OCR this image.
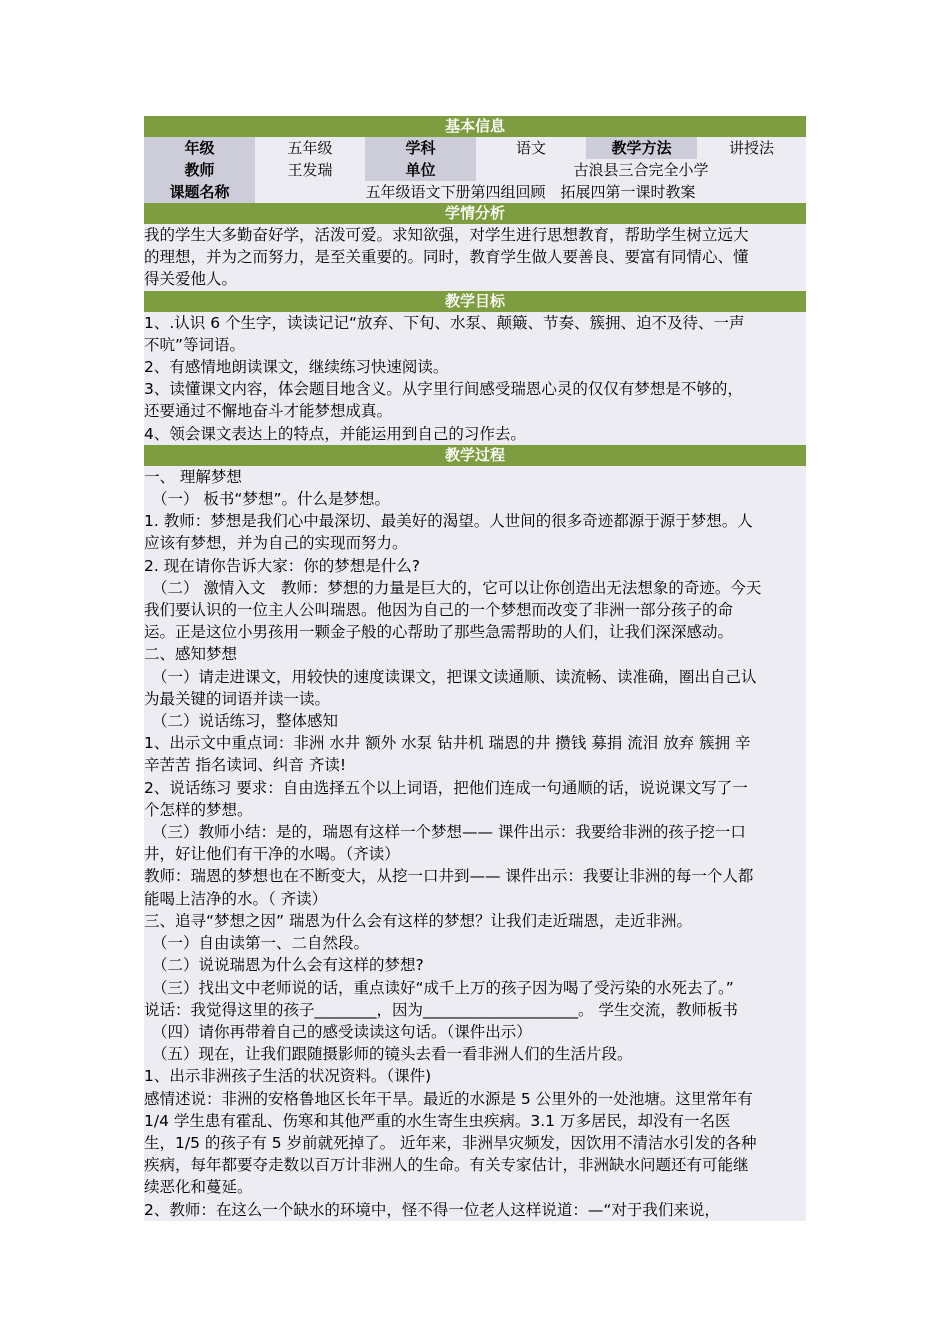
基本信息
年级	五年级	学科	语文	教学方法	讲授法
教师	王发瑞	单位	古浪县三合完全小学
课题名称	五年级语文下册第四组回顾　拓展四第一课时教案
学情分析

我的学生大多勤奋好学，活泼可爱。求知欲强，对学生进行思想教育，帮助学生树立远大

的理想，并为之而努力，是至关重要的。同时，教育学生做人要善良、要富有同情心、懂

得关爱他人。

教学目标

1、.认识 6 个生字，读读记记“放弃、下旬、水泵、颠簸、节奏、簇拥、迫不及待、一声

不吭”等词语。

2、有感情地朗读课文，继续练习快速阅读。

3、读懂课文内容，体会题目地含义。从字里行间感受瑞恩心灵的仅仅有梦想是不够的，

还要通过不懈地奋斗才能梦想成真。

4、领会课文表达上的特点，并能运用到自己的习作去。

教学过程

一、 理解梦想

（一） 板书“梦想”。什么是梦想。

1. 教师：梦想是我们心中最深切、最美好的渴望。人世间的很多奇迹都源于源于梦想。人

应该有梦想，并为自己的实现而努力。

2. 现在请你告诉大家：你的梦想是什么?

（二） 激情入文　教师：梦想的力量是巨大的，它可以让你创造出无法想象的奇迹。今天

我们要认识的一位主人公叫瑞恩。他因为自己的一个梦想而改变了非洲一部分孩子的命

运。正是这位小男孩用一颗金子般的心帮助了那些急需帮助的人们，让我们深深感动。

二、感知梦想

（一）请走进课文，用较快的速度读课文，把课文读通顺、读流畅、读准确，圈出自己认

为最关键的词语并读一读。

（二）说话练习，整体感知

1、出示文中重点词：非洲 水井 额外 水泵 钻井机 瑞恩的井 攒钱 募捐 流泪 放弃 簇拥 辛

辛苦苦 指名读词、纠音 齐读!

2、说话练习 要求：自由选择五个以上词语，把他们连成一句通顺的话，说说课文写了一

个怎样的梦想。

（三）教师小结：是的，瑞恩有这样一个梦想—— 课件出示：我要给非洲的孩子挖一口

井，好让他们有干净的水喝。（齐读）

教师：瑞恩的梦想也在不断变大，从挖一口井到—— 课件出示：我要让非洲的每一个人都

能喝上洁净的水。（ 齐读）

三、追寻“梦想之因” 瑞恩为什么会有这样的梦想？让我们走近瑞恩，走近非洲。

（一）自由读第一、二自然段。

（二）说说瑞恩为什么会有这样的梦想?

（三）找出文中老师说的话，重点读好“成千上万的孩子因为喝了受污染的水死去了。”

说话：我觉得这里的孩子________，因为____________________。 学生交流，教师板书

（四）请你再带着自己的感受读读这句话。（课件出示）

（五）现在，让我们跟随摄影师的镜头去看一看非洲人们的生活片段。

1、出示非洲孩子生活的状况资料。（课件)

感情述说：非洲的安格鲁地区长年干旱。最近的水源是 5 公里外的一处池塘。这里常年有

1/4 学生患有霍乱、伤寒和其他严重的水生寄生虫疾病。3.1 万多居民，却没有一名医

生，1/5 的孩子有 5 岁前就死掉了。 近年来，非洲旱灾频发，因饮用不清洁水引发的各种

疾病，每年都要夺走数以百万计非洲人的生命。有关专家估计，非洲缺水问题还有可能继

续恶化和蔓延。

2、教师：在这么一个缺水的环境中，怪不得一位老人这样说道：—“对于我们来说，
